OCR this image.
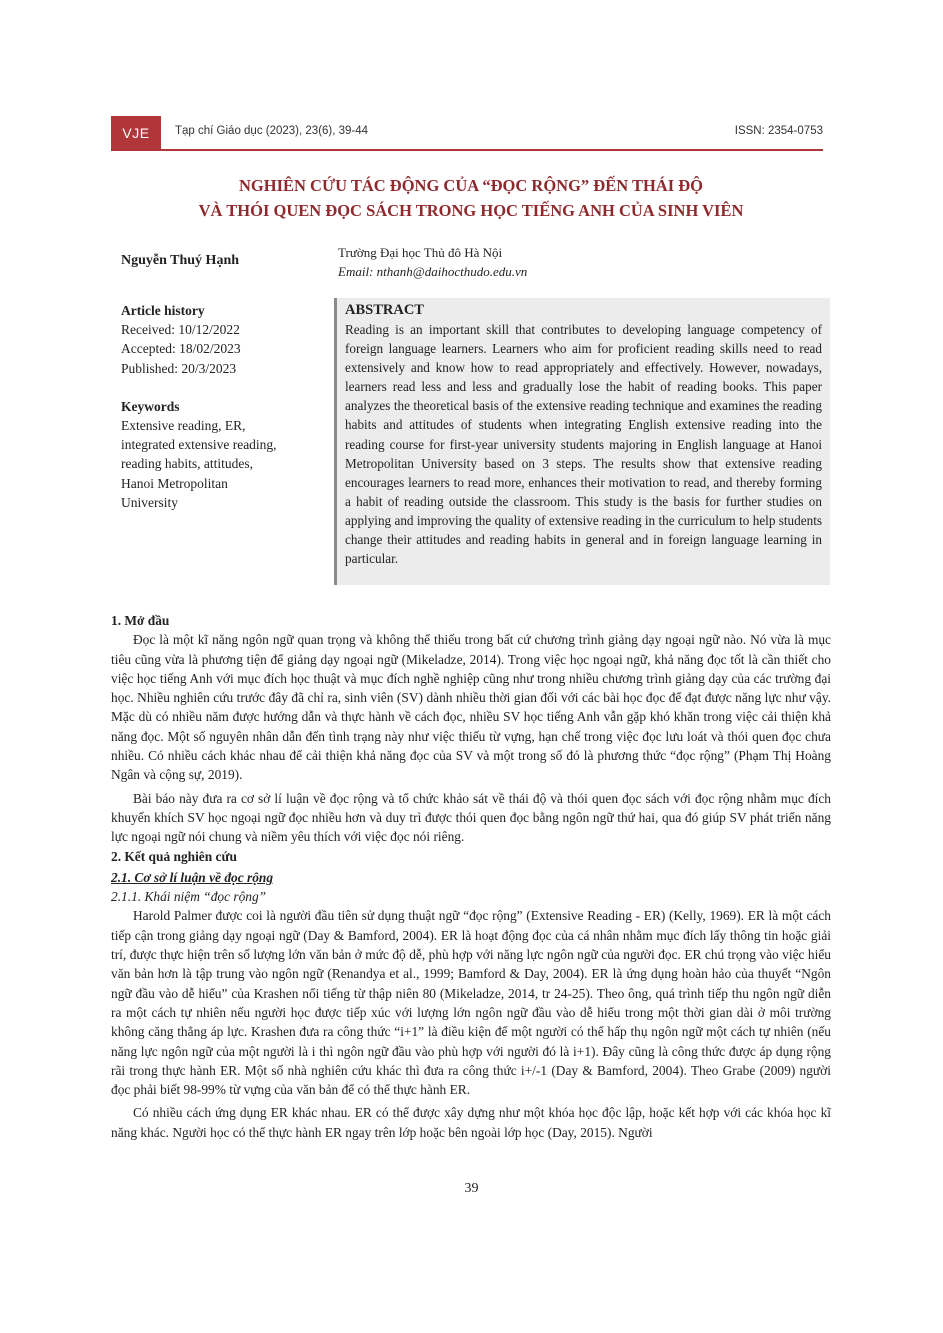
VJE	Tạp chí Giáo dục (2023), 23(6), 39-44	ISSN: 2354-0753
NGHIÊN CỨU TÁC ĐỘNG CỦA “ĐỌC RỘNG” ĐẾN THÁI ĐỘ
VÀ THÓI QUEN ĐỌC SÁCH TRONG HỌC TIẾNG ANH CỦA SINH VIÊN
Nguyễn Thuý Hạnh
Trường Đại học Thủ đô Hà Nội
Email: nthanh@daihocthudo.edu.vn
Article history
Received: 10/12/2022
Accepted: 18/02/2023
Published: 20/3/2023
Keywords
Extensive reading, ER,
integrated extensive reading,
reading habits, attitudes,
Hanoi Metropolitan
University
ABSTRACT
Reading is an important skill that contributes to developing language competency of foreign language learners. Learners who aim for proficient reading skills need to read extensively and know how to read appropriately and effectively. However, nowadays, learners read less and less and gradually lose the habit of reading books. This paper analyzes the theoretical basis of the extensive reading technique and examines the reading habits and attitudes of students when integrating English extensive reading into the reading course for first-year university students majoring in English language at Hanoi Metropolitan University based on 3 steps. The results show that extensive reading encourages learners to read more, enhances their motivation to read, and thereby forming a habit of reading outside the classroom. This study is the basis for further studies on applying and improving the quality of extensive reading in the curriculum to help students change their attitudes and reading habits in general and in foreign language learning in particular.
1. Mở đầu

Đọc là một kĩ năng ngôn ngữ quan trọng và không thể thiếu trong bất cứ chương trình giảng dạy ngoại ngữ nào. Nó vừa là mục tiêu cũng vừa là phương tiện để giảng dạy ngoại ngữ (Mikeladze, 2014). Trong việc học ngoại ngữ, khả năng đọc tốt là cần thiết cho việc học tiếng Anh với mục đích học thuật và mục đích nghề nghiệp cũng như trong nhiều chương trình giảng dạy của các trường đại học. Nhiều nghiên cứu trước đây đã chỉ ra, sinh viên (SV) dành nhiều thời gian đối với các bài học đọc để đạt được năng lực như vậy. Mặc dù có nhiều năm được hướng dẫn và thực hành về cách đọc, nhiều SV học tiếng Anh vẫn gặp khó khăn trong việc cải thiện khả năng đọc. Một số nguyên nhân dẫn đến tình trạng này như việc thiếu từ vựng, hạn chế trong việc đọc lưu loát và thói quen đọc chưa nhiều. Có nhiều cách khác nhau để cải thiện khả năng đọc của SV và một trong số đó là phương thức “đọc rộng” (Phạm Thị Hoàng Ngân và cộng sự, 2019).

Bài báo này đưa ra cơ sở lí luận về đọc rộng và tổ chức khảo sát về thái độ và thói quen đọc sách với đọc rộng nhằm mục đích khuyến khích SV học ngoại ngữ đọc nhiều hơn và duy trì được thói quen đọc bằng ngôn ngữ thứ hai, qua đó giúp SV phát triển năng lực ngoại ngữ nói chung và niềm yêu thích với việc đọc nói riêng.

2. Kết quả nghiên cứu
2.1. Cơ sở lí luận về đọc rộng
2.1.1. Khái niệm “đọc rộng”

Harold Palmer được coi là người đầu tiên sử dụng thuật ngữ “đọc rộng” (Extensive Reading - ER) (Kelly, 1969). ER là một cách tiếp cận trong giảng dạy ngoại ngữ (Day & Bamford, 2004). ER là hoạt động đọc của cá nhân nhằm mục đích lấy thông tin hoặc giải trí, được thực hiện trên số lượng lớn văn bản ở mức độ dễ, phù hợp với năng lực ngôn ngữ của người đọc. ER chú trọng vào việc hiểu văn bản hơn là tập trung vào ngôn ngữ (Renandya et al., 1999; Bamford & Day, 2004). ER là ứng dụng hoàn hảo của thuyết “Ngôn ngữ đầu vào dễ hiểu” của Krashen nổi tiếng từ thập niên 80 (Mikeladze, 2014, tr 24-25). Theo ông, quá trình tiếp thu ngôn ngữ diễn ra một cách tự nhiên nếu người học được tiếp xúc với lượng lớn ngôn ngữ đầu vào dễ hiểu trong một thời gian dài ở môi trường không căng thẳng áp lực. Krashen đưa ra công thức “i+1” là điều kiện để một người có thể hấp thụ ngôn ngữ một cách tự nhiên (nếu năng lực ngôn ngữ của một người là i thì ngôn ngữ đầu vào phù hợp với người đó là i+1). Đây cũng là công thức được áp dụng rộng rãi trong thực hành ER. Một số nhà nghiên cứu khác thì đưa ra công thức i+/-1 (Day & Bamford, 2004). Theo Grabe (2009) người đọc phải biết 98-99% từ vựng của văn bản để có thể thực hành ER.

Có nhiều cách ứng dụng ER khác nhau. ER có thể được xây dựng như một khóa học độc lập, hoặc kết hợp với các khóa học kĩ năng khác. Người học có thể thực hành ER ngay trên lớp hoặc bên ngoài lớp học (Day, 2015). Người

39
